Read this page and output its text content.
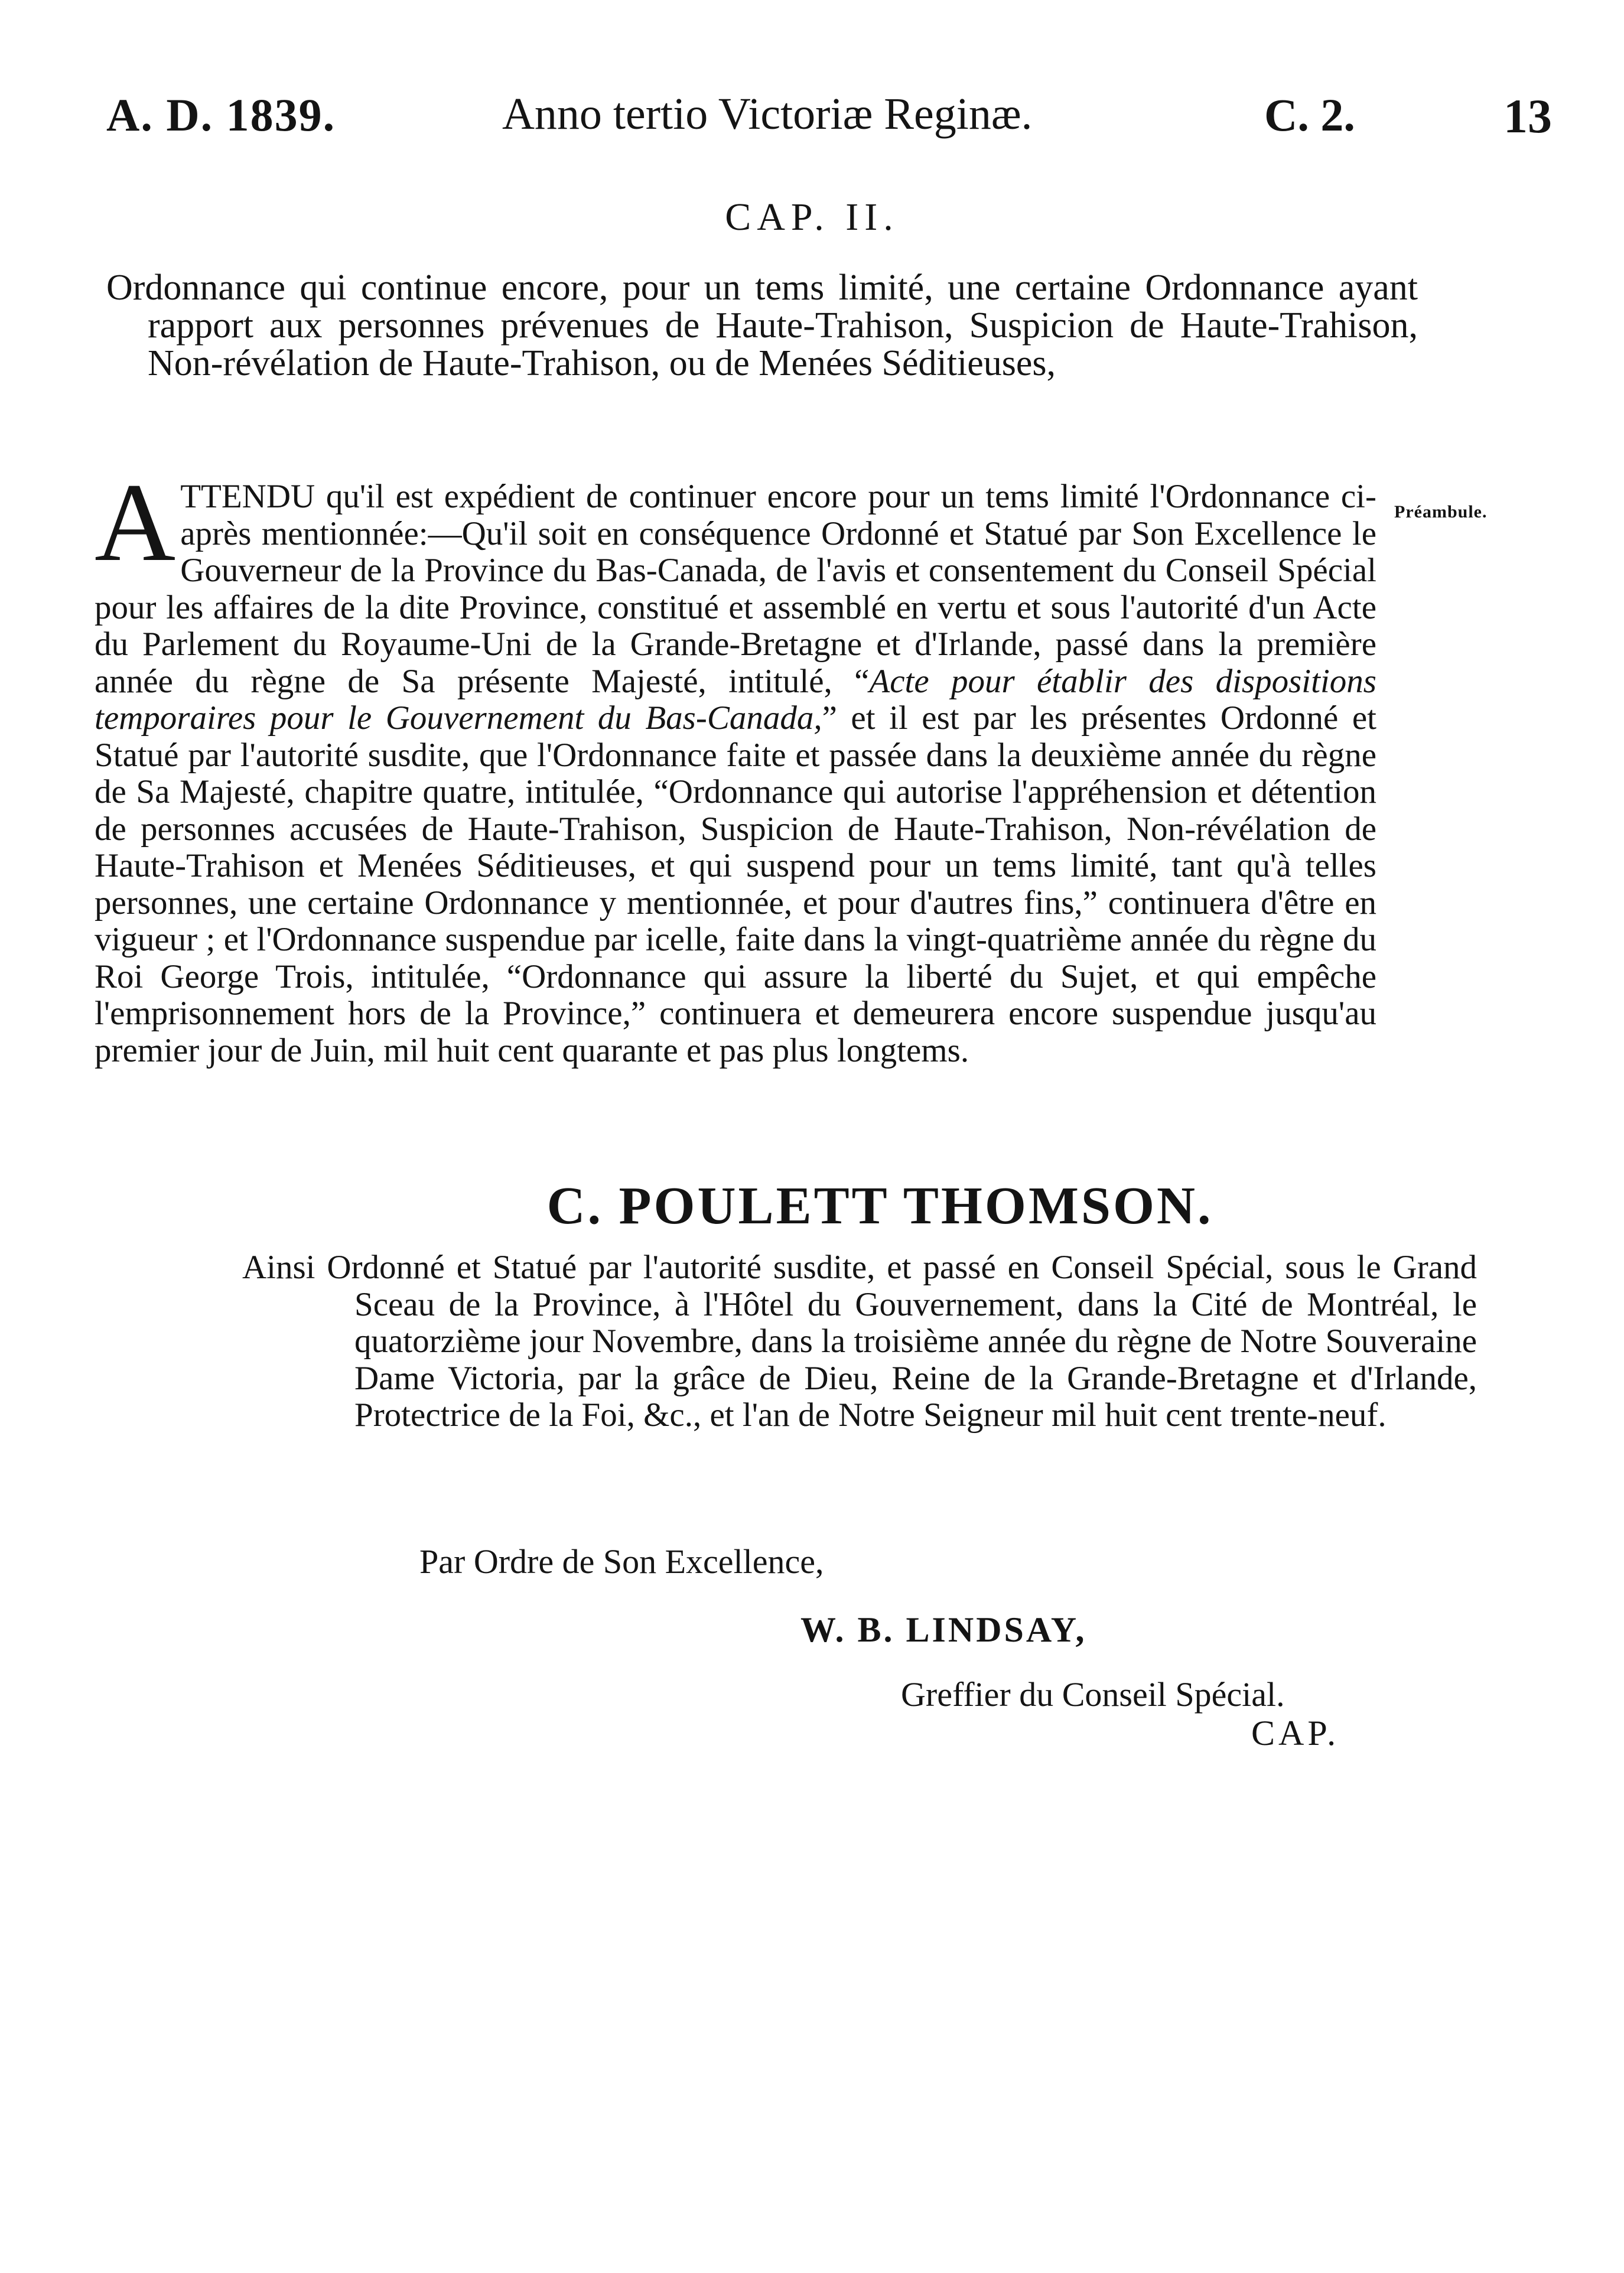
A. D. 1839.	Anno tertio Victoriæ Reginæ.	C. 2.	13
CAP. II.
Ordonnance qui continue encore, pour un tems limité, une certaine Ordonnance ayant rapport aux personnes prévenues de Haute-Trahison, Suspicion de Haute-Trahison, Non-révélation de Haute-Trahison, ou de Menées Séditieuses,
Préambule.
ATTENDU qu'il est expédient de continuer encore pour un tems limité l'Ordonnance ci-après mentionnée:—Qu'il soit en conséquence Ordonné et Statué par Son Excellence le Gouverneur de la Province du Bas-Canada, de l'avis et consentement du Conseil Spécial pour les affaires de la dite Province, constitué et assemblé en vertu et sous l'autorité d'un Acte du Parlement du Royaume-Uni de la Grande-Bretagne et d'Irlande, passé dans la première année du règne de Sa présente Majesté, intitulé, “Acte pour établir des dispositions temporaires pour le Gouvernement du Bas-Canada,” et il est par les présentes Ordonné et Statué par l'autorité susdite, que l'Ordonnance faite et passée dans la deuxième année du règne de Sa Majesté, chapitre quatre, intitulée, “Ordonnance qui autorise l'appréhension et détention de personnes accusées de Haute-Trahison, Suspicion de Haute-Trahison, Non-révélation de Haute-Trahison et Menées Séditieuses, et qui suspend pour un tems limité, tant qu'à telles personnes, une certaine Ordonnance y mentionnée, et pour d'autres fins,” continuera d'être en vigueur ; et l'Ordonnance suspendue par icelle, faite dans la vingt-quatrième année du règne du Roi George Trois, intitulée, “Ordonnance qui assure la liberté du Sujet, et qui empêche l'emprisonnement hors de la Province,” continuera et demeurera encore suspendue jusqu'au premier jour de Juin, mil huit cent quarante et pas plus longtems.
C. POULETT THOMSON.
Ainsi Ordonné et Statué par l'autorité susdite, et passé en Conseil Spécial, sous le Grand Sceau de la Province, à l'Hôtel du Gouvernement, dans la Cité de Montréal, le quatorzième jour Novembre, dans la troisième année du règne de Notre Souveraine Dame Victoria, par la grâce de Dieu, Reine de la Grande-Bretagne et d'Irlande, Protectrice de la Foi, &c., et l'an de Notre Seigneur mil huit cent trente-neuf.
Par Ordre de Son Excellence,
W. B. LINDSAY,
Greffier du Conseil Spécial.
CAP.
